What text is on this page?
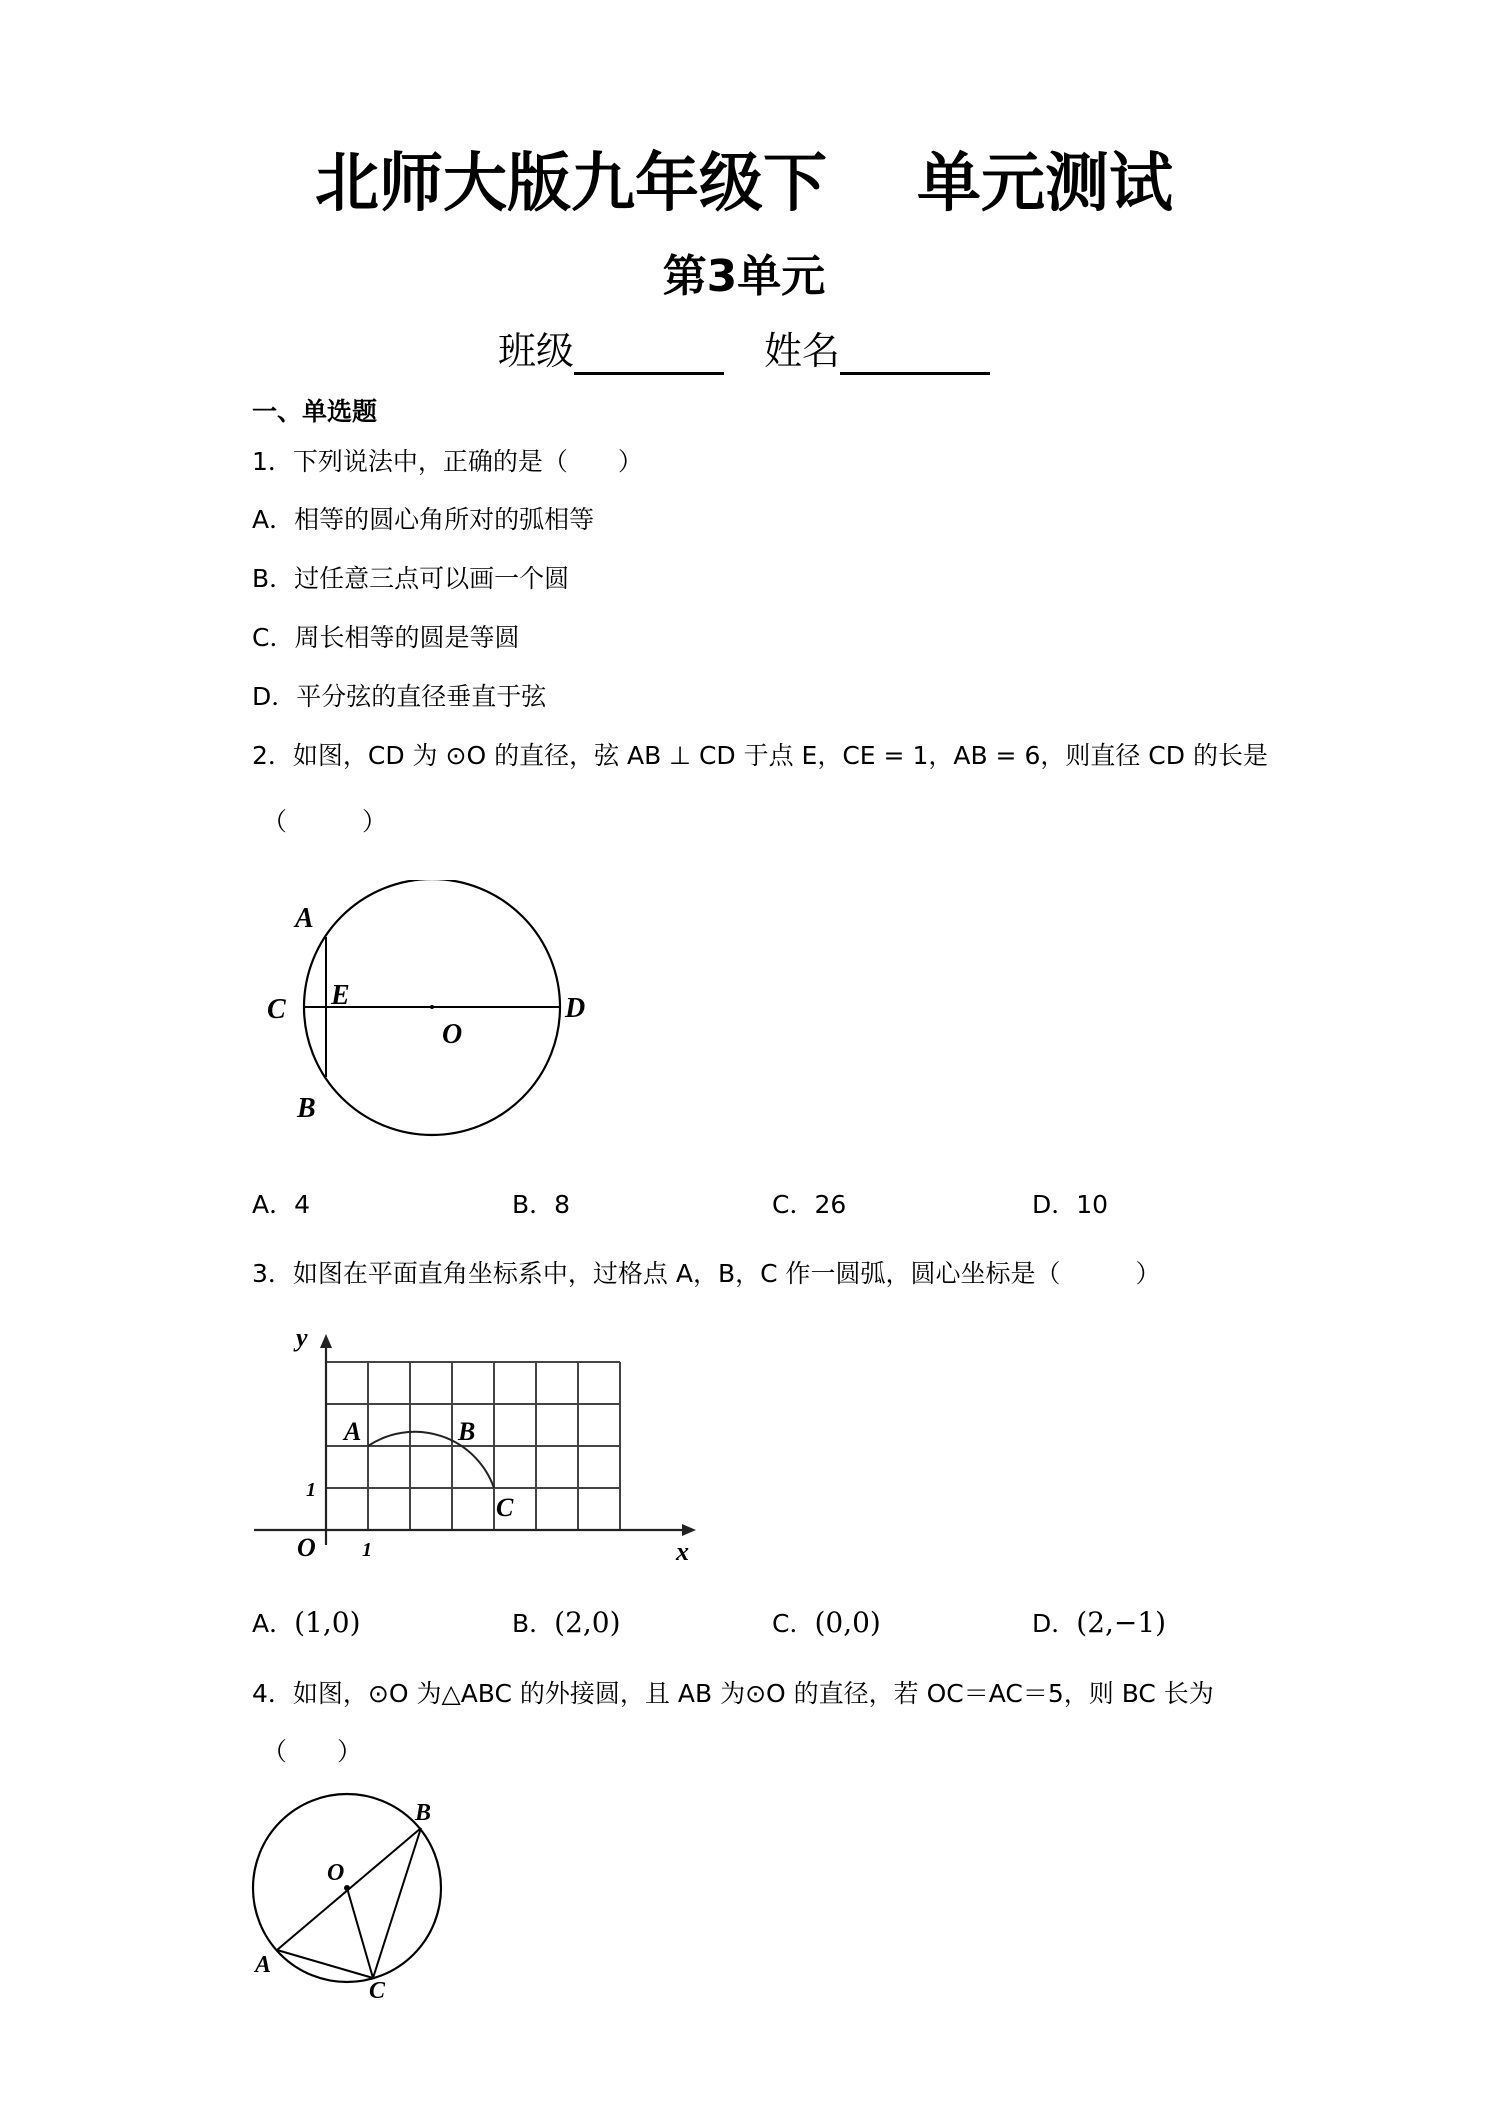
北师大版九年级下 单元测试
第3单元
班级	姓名
一、单选题
1．下列说法中，正确的是（　　）
A．相等的圆心角所对的弧相等
B．过任意三点可以画一个圆
C．周长相等的圆是等圆
D．平分弦的直径垂直于弦
2．如图，CD 为 ⊙O 的直径，弦 AB ⊥ CD 于点 E，CE = 1，AB = 6，则直径 CD 的长是
（　　　）
A
C E	D
O
B
A．4	B．8	C．26	D．10
3．如图在平面直角坐标系中，过格点 A，B，C 作一圆弧，圆心坐标是（　　　）
y
x
O 1
1
A	B
C
A．(1,0)	B．(2,0)	C．(0,0)	D．(2,−1)
4．如图，⊙O 为△ABC 的外接圆，且 AB 为⊙O 的直径，若 OC＝AC＝5，则 BC 长为
（　　）
O
B
A
C
